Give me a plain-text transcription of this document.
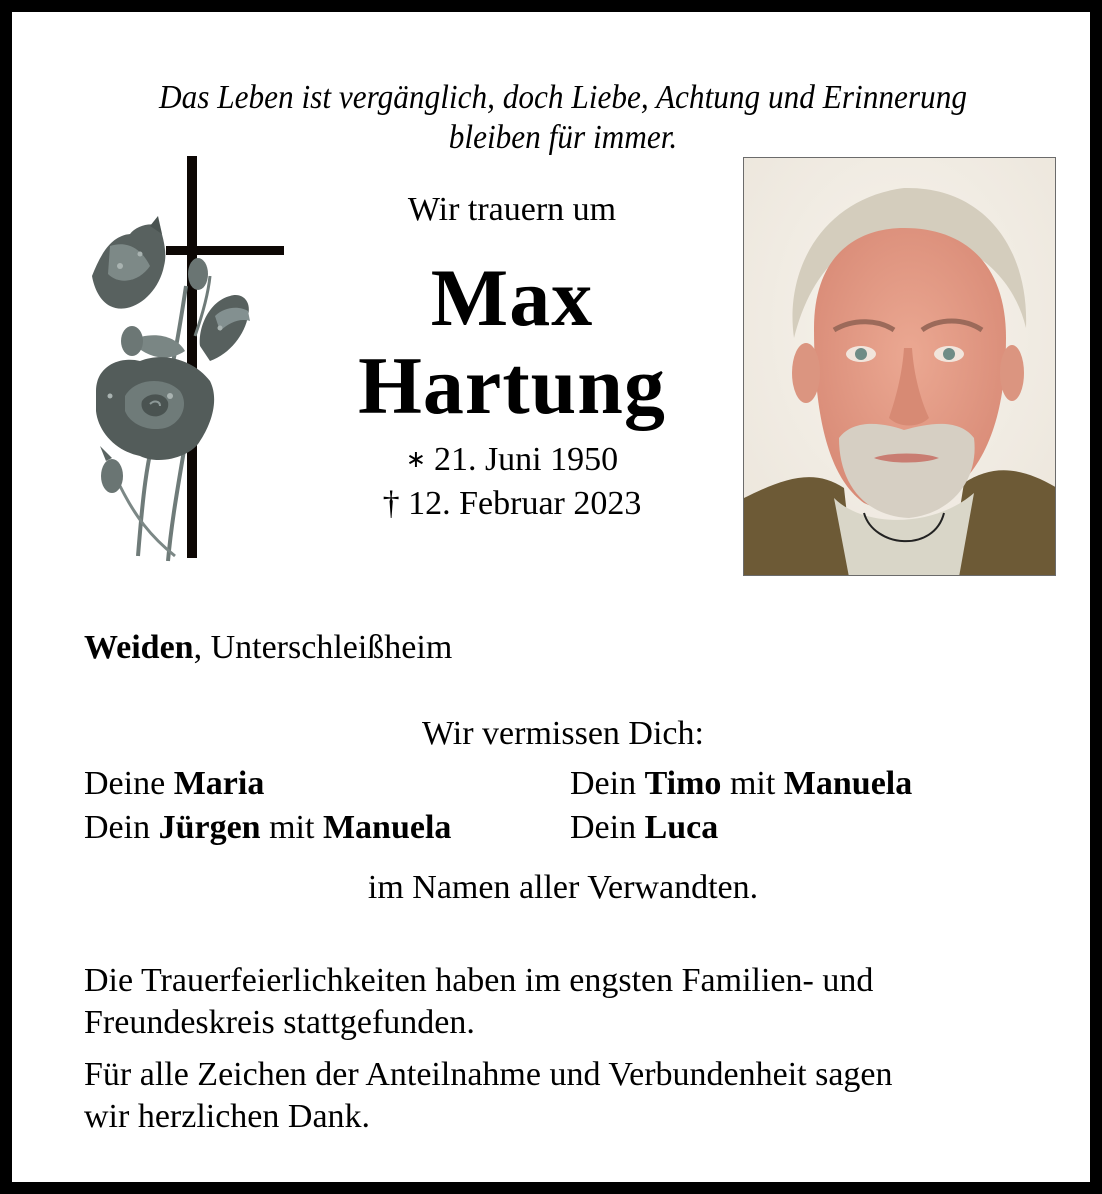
Das Leben ist vergänglich, doch Liebe, Achtung und Erinnerung
bleiben für immer.
Wir trauern um
Max
Hartung
∗ 21. Juni 1950
† 12. Februar 2023
Weiden, Unterschleißheim
Wir vermissen Dich:
Deine Maria	Dein Timo mit Manuela
Dein Jürgen mit Manuela	Dein Luca
im Namen aller Verwandten.
Die Trauerfeierlichkeiten haben im engsten Familien- und
Freundeskreis stattgefunden.
Für alle Zeichen der Anteilnahme und Verbundenheit sagen
wir herzlichen Dank.
